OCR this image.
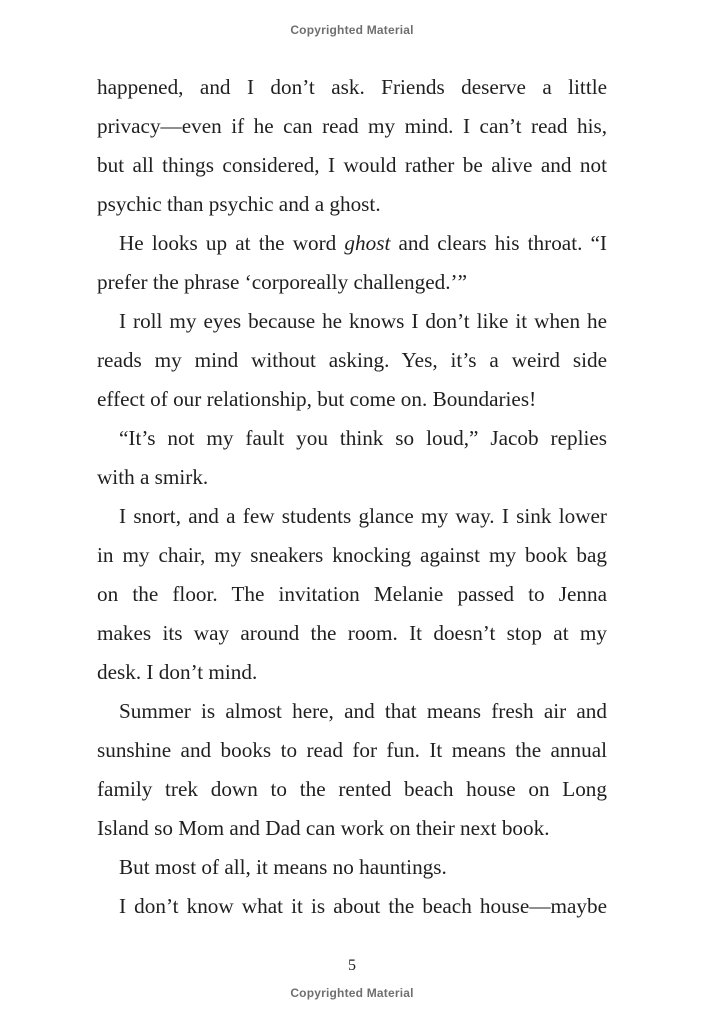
Copyrighted Material
happened, and I don’t ask. Friends deserve a little
privacy—even if he can read my mind. I can’t read his,
but all things considered, I would rather be alive and not
psychic than psychic and a ghost.
He looks up at the word ghost and clears his throat. “I
prefer the phrase ‘corporeally challenged.’”
I roll my eyes because he knows I don’t like it when he
reads my mind without asking. Yes, it’s a weird side
effect of our relationship, but come on. Boundaries!
“It’s not my fault you think so loud,” Jacob replies
with a smirk.
I snort, and a few students glance my way. I sink lower
in my chair, my sneakers knocking against my book bag
on the floor. The invitation Melanie passed to Jenna
makes its way around the room. It doesn’t stop at my
desk. I don’t mind.
Summer is almost here, and that means fresh air and
sunshine and books to read for fun. It means the annual
family trek down to the rented beach house on Long
Island so Mom and Dad can work on their next book.
But most of all, it means no hauntings.
I don’t know what it is about the beach house—maybe
5
Copyrighted Material
